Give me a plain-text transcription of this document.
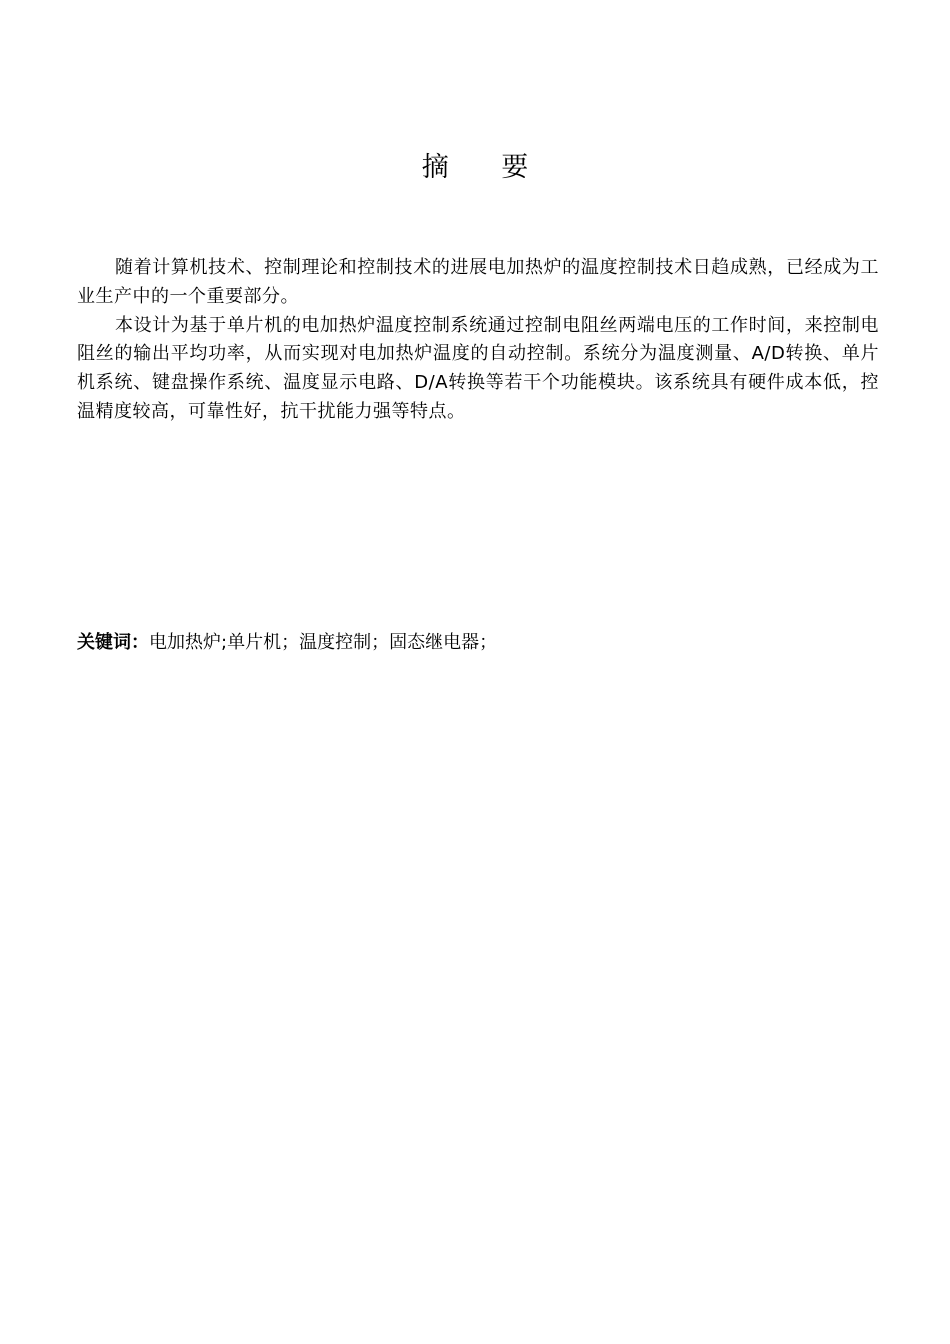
摘 要

随着计算机技术、控制理论和控制技术的进展电加热炉的温度控制技术日趋成熟，已经成为工业生产中的一个重要部分。

本设计为基于单片机的电加热炉温度控制系统通过控制电阻丝两端电压的工作时间，来控制电阻丝的输出平均功率，从而实现对电加热炉温度的自动控制。系统分为温度测量、A/D转换、单片机系统、键盘操作系统、温度显示电路、D/A转换等若干个功能模块。该系统具有硬件成本低，控温精度较高，可靠性好，抗干扰能力强等特点。

关键词：电加热炉;单片机；温度控制；固态继电器；
